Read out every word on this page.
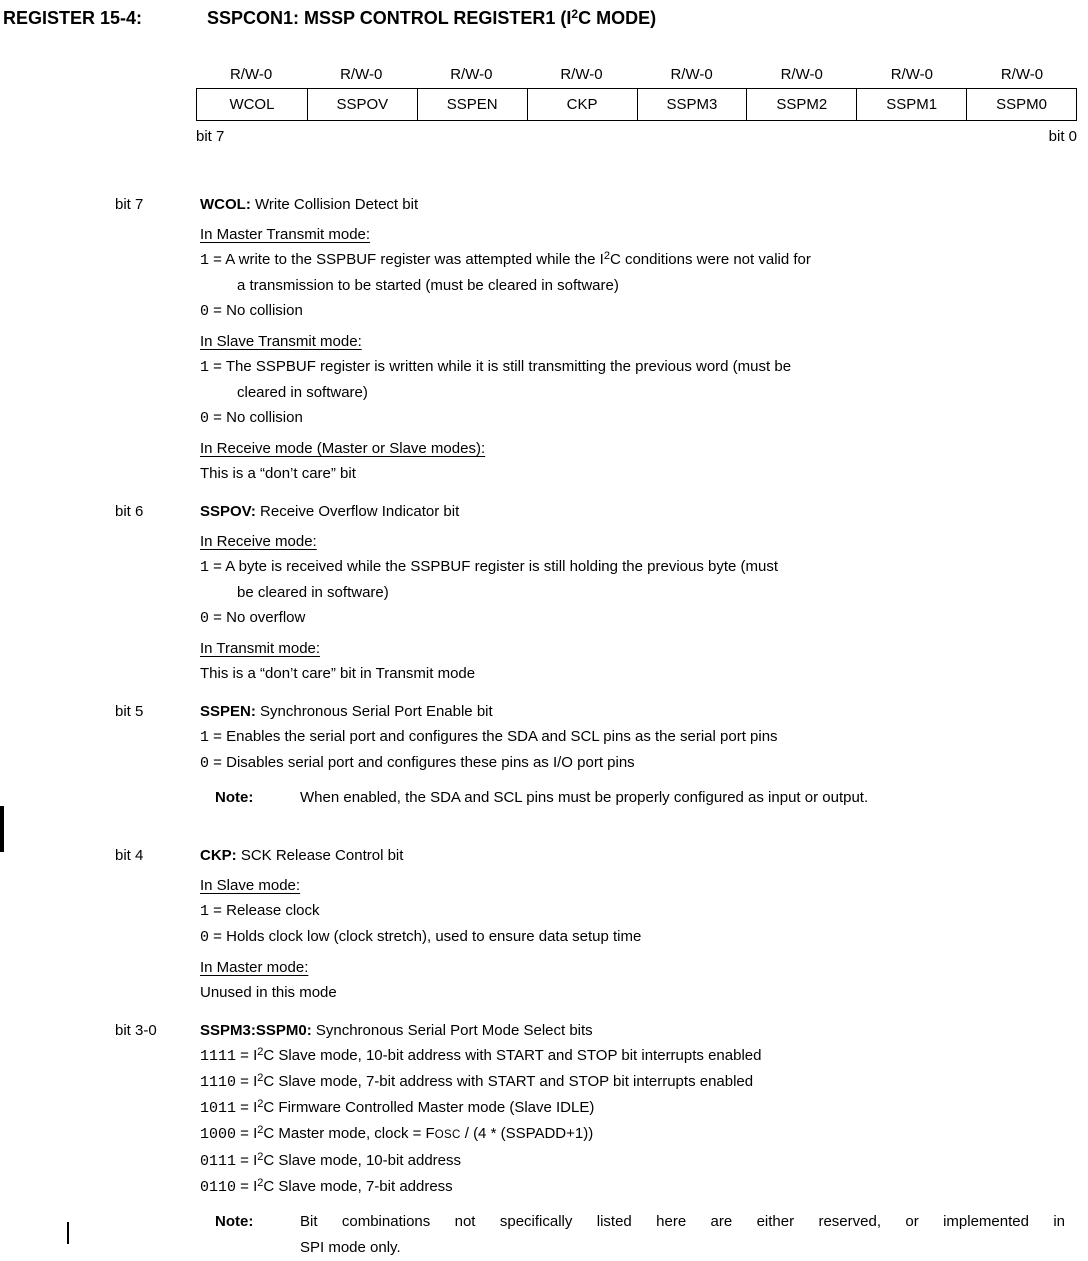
REGISTER 15-4:	SSPCON1: MSSP CONTROL REGISTER1 ($I^2C$ MODE)
R/W-0	R/W-0	R/W-0	R/W-0	R/W-0	R/W-0	R/W-0	R/W-0
WCOL	SSPOV	SSPEN	CKP	SSPM3	SSPM2	SSPM1	SSPM0
bit 7	bit 0
bit 7	WCOL: Write Collision Detect bit
In Master Transmit mode:
1 = A write to the SSPBUF register was attempted while the $I^2C$ conditions were not valid for
a transmission to be started (must be cleared in software)
0 = No collision
In Slave Transmit mode:
1 = The SSPBUF register is written while it is still transmitting the previous word (must be
cleared in software)
0 = No collision
In Receive mode (Master or Slave modes):
This is a “don’t care” bit
bit 6	SSPOV: Receive Overflow Indicator bit
In Receive mode:
1 = A byte is received while the SSPBUF register is still holding the previous byte (must
be cleared in software)
0 = No overflow
In Transmit mode:
This is a “don’t care” bit in Transmit mode
bit 5	SSPEN: Synchronous Serial Port Enable bit
1 = Enables the serial port and configures the SDA and SCL pins as the serial port pins
0 = Disables serial port and configures these pins as I/O port pins
Note:	When enabled, the SDA and SCL pins must be properly configured as input or output.
bit 4	CKP: SCK Release Control bit
In Slave mode:
1 = Release clock
0 = Holds clock low (clock stretch), used to ensure data setup time
In Master mode:
Unused in this mode
bit 3-0	SSPM3:SSPM0: Synchronous Serial Port Mode Select bits
$1111 = I^2C$ Slave mode, 10-bit address with START and STOP bit interrupts enabled
$1110 = I^2C$ Slave mode, 7-bit address with START and STOP bit interrupts enabled
$1011 = I^2C$ Firmware Controlled Master mode (Slave IDLE)
$1000 = I^2C$ Master mode, clock = FOSC / (4 * (SSPADD+1))
$0111 = I^2C$ Slave mode, 10-bit address
$0110 = I^2C$ Slave mode, 7-bit address
Note:	Bit combinations not specifically listed here are either reserved, or implemented in
SPI mode only.
